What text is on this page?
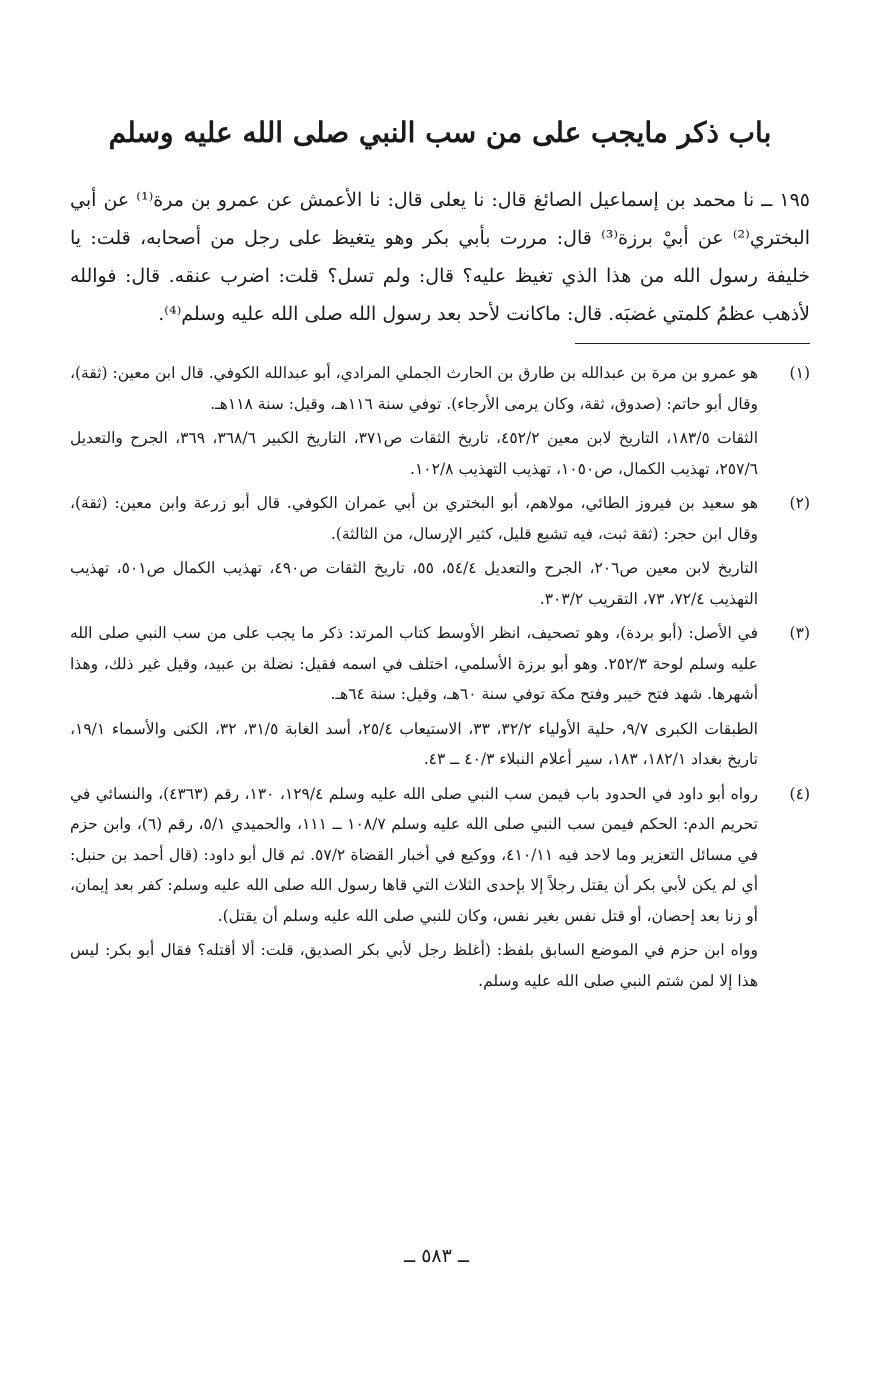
باب ذكر مايجب على من سب النبي صلى الله عليه وسلم

١٩٥ ــ نا محمد بن إسماعيل الصائغ قال: نا يعلى قال: نا الأعمش عن عمرو بن مرة⁽¹⁾ عن أبي البختري⁽²⁾ عن أبيْ برزة⁽³⁾ قال: مررت بأبي بكر وهو يتغيظ على رجل من أصحابه، قلت: يا خليفة رسول الله من هذا الذي تغيظ عليه؟ قال: ولم تسل؟ قلت: اضرب عنقه. قال: فوالله لأذهب عظمُ كلمتي غضبَه. قال: ماكانت لأحد بعد رسول الله صلى الله عليه وسلم⁽⁴⁾.

(١)

هو عمرو بن مرة بن عبدالله بن طارق بن الحارث الجملي المرادي، أبو عبدالله الكوفي. قال ابن معين: (ثقة)، وقال أبو حاتم: (صدوق، ثقة، وكان يرمى الأرجاء). توفي سنة ١١٦هـ، وقيل: سنة ١١٨هـ.

الثقات ١٨٣/٥، التاريخ لابن معين ٤٥٢/٢، تاريخ الثقات ص٣٧١، التاريخ الكبير ٣٦٨/٦، ٣٦٩، الجرح والتعديل ٢٥٧/٦، تهذيب الكمال، ص١٠٥٠، تهذيب التهذيب ١٠٢/٨.

(٢)

هو سعيد بن فيروز الطائي، مولاهم، أبو البختري بن أبي عمران الكوفي. قال أبو زرعة وابن معين: (ثقة)، وقال ابن حجر: (ثقة ثبت، فيه تشيع قليل، كثير الإرسال، من الثالثة).

التاريخ لابن معين ص٢٠٦، الجرح والتعديل ٥٤/٤، ٥٥، تاريخ الثقات ص٤٩٠، تهذيب الكمال ص٥٠١، تهذيب التهذيب ٧٢/٤، ٧٣، التقريب ٣٠٣/٢.

(٣)

في الأصل: (أبو بردة)، وهو تصحيف، انظر الأوسط كتاب المرتد: ذكر ما يجب على من سب النبي صلى الله عليه وسلم لوحة ٢٥٢/٣. وهو أبو برزة الأسلمي، اختلف في اسمه فقيل: نضلة بن عبيد، وقيل غير ذلك، وهذا أشهرها. شهد فتح خيبر وفتح مكة توفي سنة ٦٠هـ، وقيل: سنة ٦٤هـ.

الطبقات الكبرى ٩/٧، حلية الأولياء ٣٢/٢، ٣٣، الاستيعاب ٢٥/٤، أسد الغابة ٣١/٥، ٣٢، الكنى والأسماء ١٩/١، تاريخ بغداد ١٨٢/١، ١٨٣، سير أعلام النبلاء ٤٠/٣ ــ ٤٣.

(٤)

رواه أبو داود في الحدود باب فيمن سب النبي صلى الله عليه وسلم ١٢٩/٤، ١٣٠، رقم (٤٣٦٣)، والنسائي في تحريم الدم: الحكم فيمن سب النبي صلى الله عليه وسلم ١٠٨/٧ ــ ١١١، والحميدي ٥/١، رقم (٦)، وابن حزم في مسائل التعزير وما لاحد فيه ٤١٠/١١، ووكيع في أخبار القضاة ٥٧/٢. ثم قال أبو داود: (قال أحمد بن حنبل: أي لم يكن لأبي بكر أن يقتل رجلاً إلا بإحدى الثلاث التي قاها رسول الله صلى الله عليه وسلم: كفر بعد إيمان، أو زنا بعد إحصان، أو قتل نفس بغير نفس، وكان للنبي صلى الله عليه وسلم أن يقتل).

وواه ابن حزم في الموضع السابق بلفظ: (أغلظ رجل لأبي بكر الصديق، قلت: ألا أقتله؟ فقال أبو بكر: ليس هذا إلا لمن شتم النبي صلى الله عليه وسلم.

ــ ٥٨٣ ــ
